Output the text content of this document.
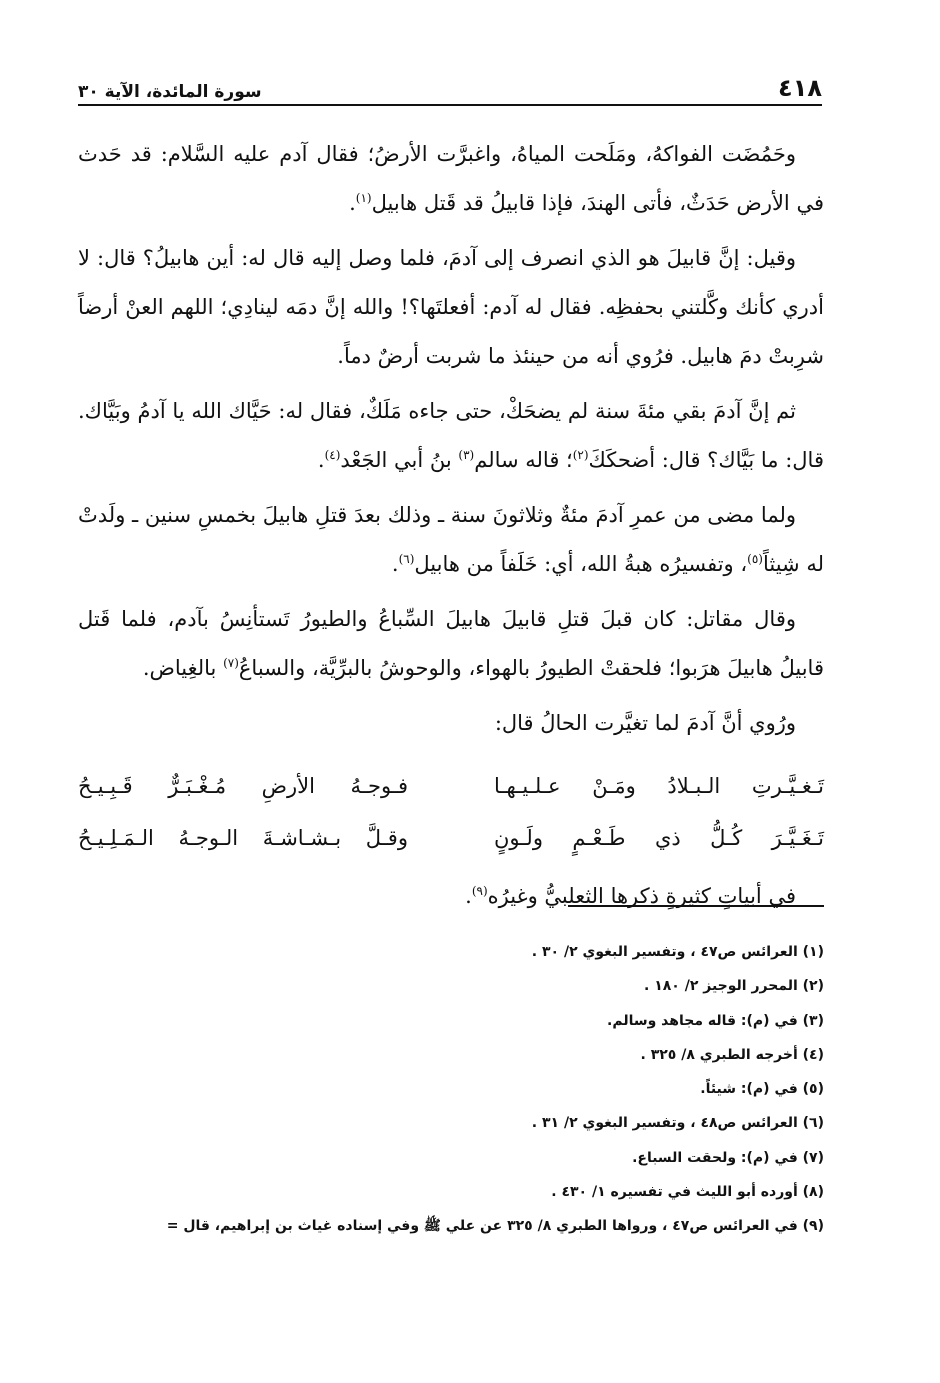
٤١٨
سورة المائدة، الآية ٣٠

وحَمُضَت الفواكهُ، ومَلَحت المياهُ، واغبرَّت الأرضُ؛ فقال آدم عليه السَّلام: قد حَدث في الأرض حَدَثٌ، فأتى الهندَ، فإذا قابيلُ قد قَتل هابيل$^{(١)}$.

وقيل: إنَّ قابيلَ هو الذي انصرف إلى آدمَ، فلما وصل إليه قال له: أين هابيلُ؟ قال: لا أدري كأنك وكَّلتني بحفظِه. فقال له آدم: أفعلتَها؟! والله إنَّ دمَه لينادِي؛ اللهم العنْ أرضاً شرِبتْ دمَ هابيل. فرُوي أنه من حينئذ ما شربت أرضٌ دماً.

ثم إنَّ آدمَ بقي مئةَ سنة لم يضحَكْ، حتى جاءه مَلَكٌ، فقال له: حَيَّاك الله يا آدمُ وبَيَّاك. قال: ما بَيَّاك؟ قال: أضحكَكَ$^{(٢)}$؛ قاله سالم$^{(٣)}$ بنُ أبي الجَعْد$^{(٤)}$.

ولما مضى من عمرِ آدمَ مئةٌ وثلاثونَ سنة ـ وذلك بعدَ قتلِ هابيلَ بخمسِ سنين ـ ولَدتْ له شِيثاً$^{(٥)}$، وتفسيرُه هبةُ الله، أي: خَلَفاً من هابيل$^{(٦)}$.

وقال مقاتل: كان قبلَ قتلِ قابيلَ هابيلَ السِّباعُ والطيورُ تَستأنِسُ بآدم، فلما قَتل قابيلُ هابيلَ هرَبوا؛ فلحقتْ الطيورُ بالهواء، والوحوشُ بالبرِّيَّة، والسباعُ$^{(٧)}$ بالغِياض.

ورُوي أنَّ آدمَ لما تغيَّرت الحالُ قال:

تَـغـيَّـرتِ الـبـلادُ ومَـنْ عـلـيـهـا
فـوجـهُ الأرضِ مُـغْـبَـرٌّ قَـبِـيـحُ
تَـغَـيَّـرَ كُـلُّ ذي طَـعْـمٍ ولَـونٍ
وقـلَّ بـشـاشـةَ الـوجـهُ الـمَـلِـيـحُ

في أبياتٍ كثيرةٍ ذكرها الثعلبيُّ وغيرُه$^{(٩)}$.

(١) العرائس ص٤٧ ، وتفسير البغوي ٢/ ٣٠ .
(٢) المحرر الوجيز ٢/ ١٨٠ .
(٣) في (م): قاله مجاهد وسالم.
(٤) أخرجه الطبري ٨/ ٣٢٥ .
(٥) في (م): شيئاً.
(٦) العرائس ص٤٨ ، وتفسير البغوي ٢/ ٣١ .
(٧) في (م): ولحقت السباع.
(٨) أورده أبو الليث في تفسيره ١/ ٤٣٠ .
(٩) في العرائس ص٤٧ ، ورواها الطبري ٨/ ٣٢٥ عن علي ﷺ وفي إسناده غياث بن إبراهيم، قال =
